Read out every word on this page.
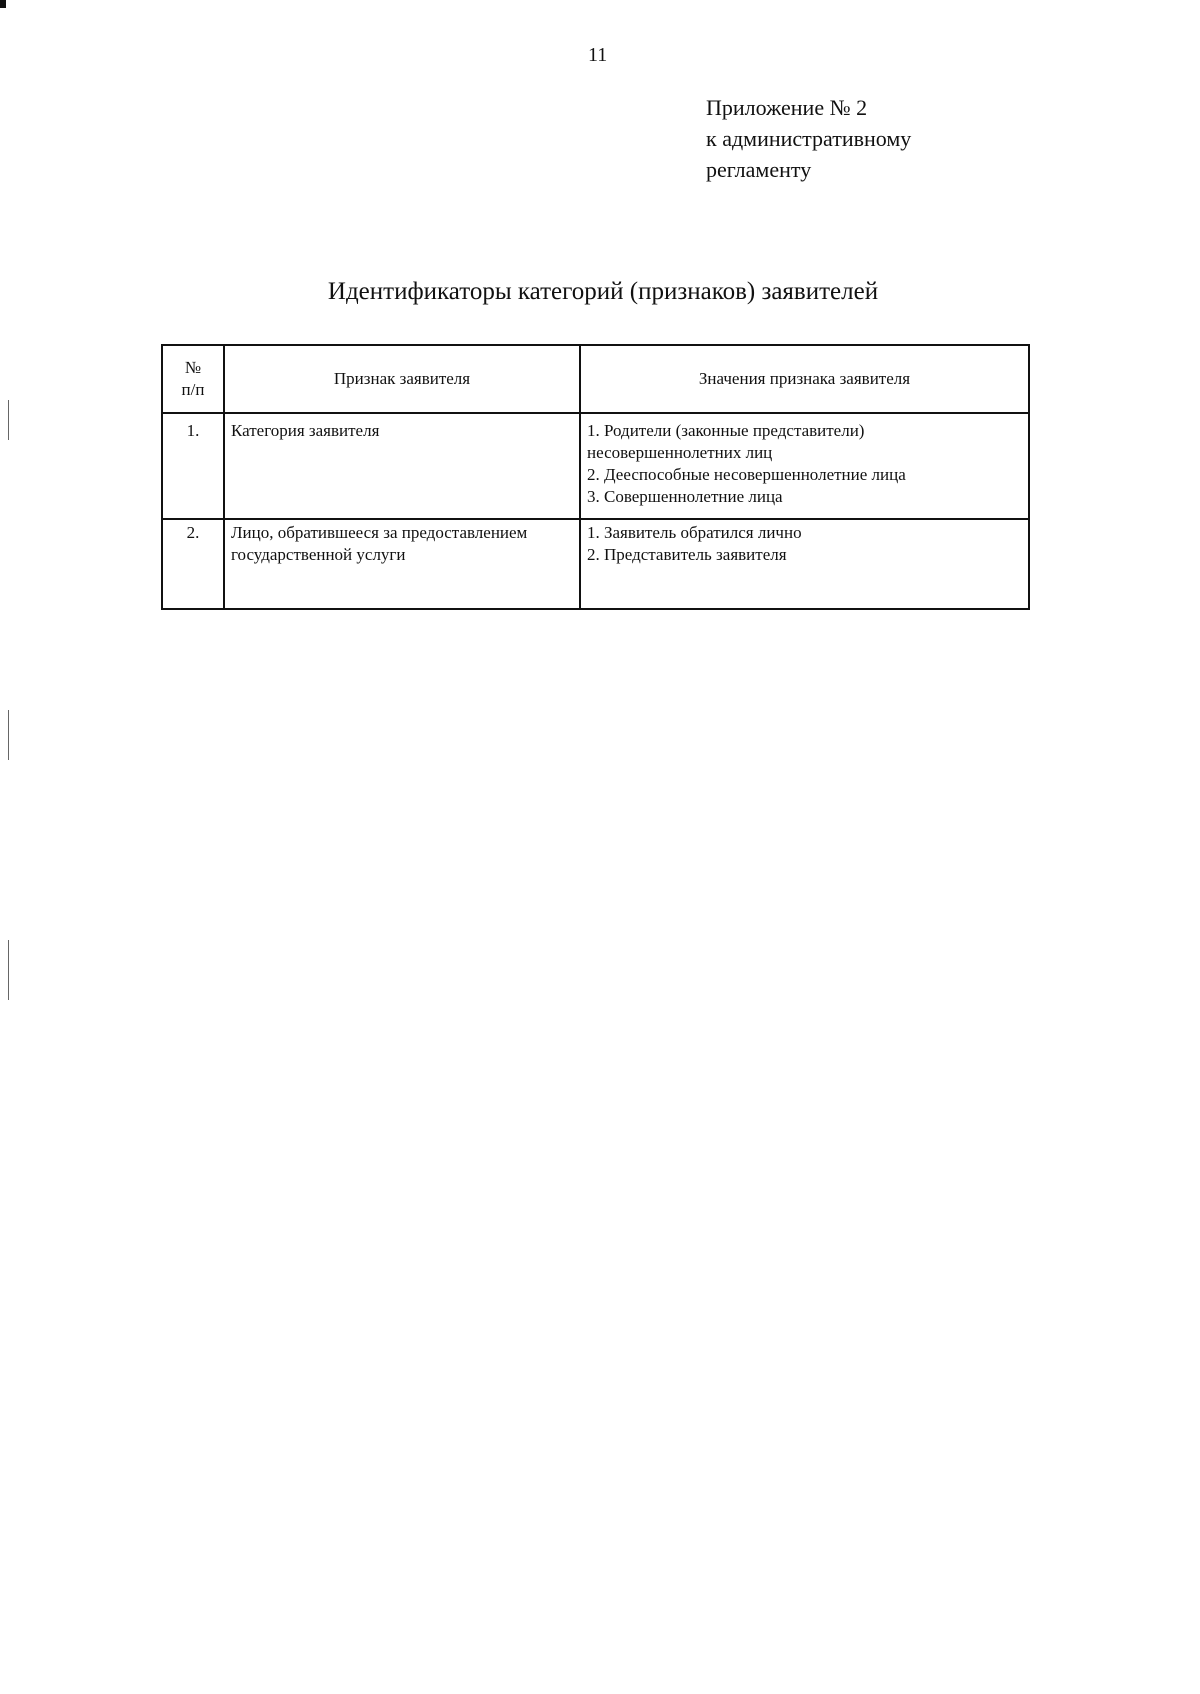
11
Приложение № 2
к административному
регламенту
Идентификаторы категорий (признаков) заявителей
№
п/п	Признак заявителя	Значения признака заявителя
1.	Категория заявителя	1. Родители (законные представители) несовершеннолетних лиц
2. Дееспособные несовершеннолетние лица
3. Совершеннолетние лица

2.	Лицо, обратившееся за предоставлением государственной услуги	1. Заявитель обратился лично
2. Представитель заявителя
